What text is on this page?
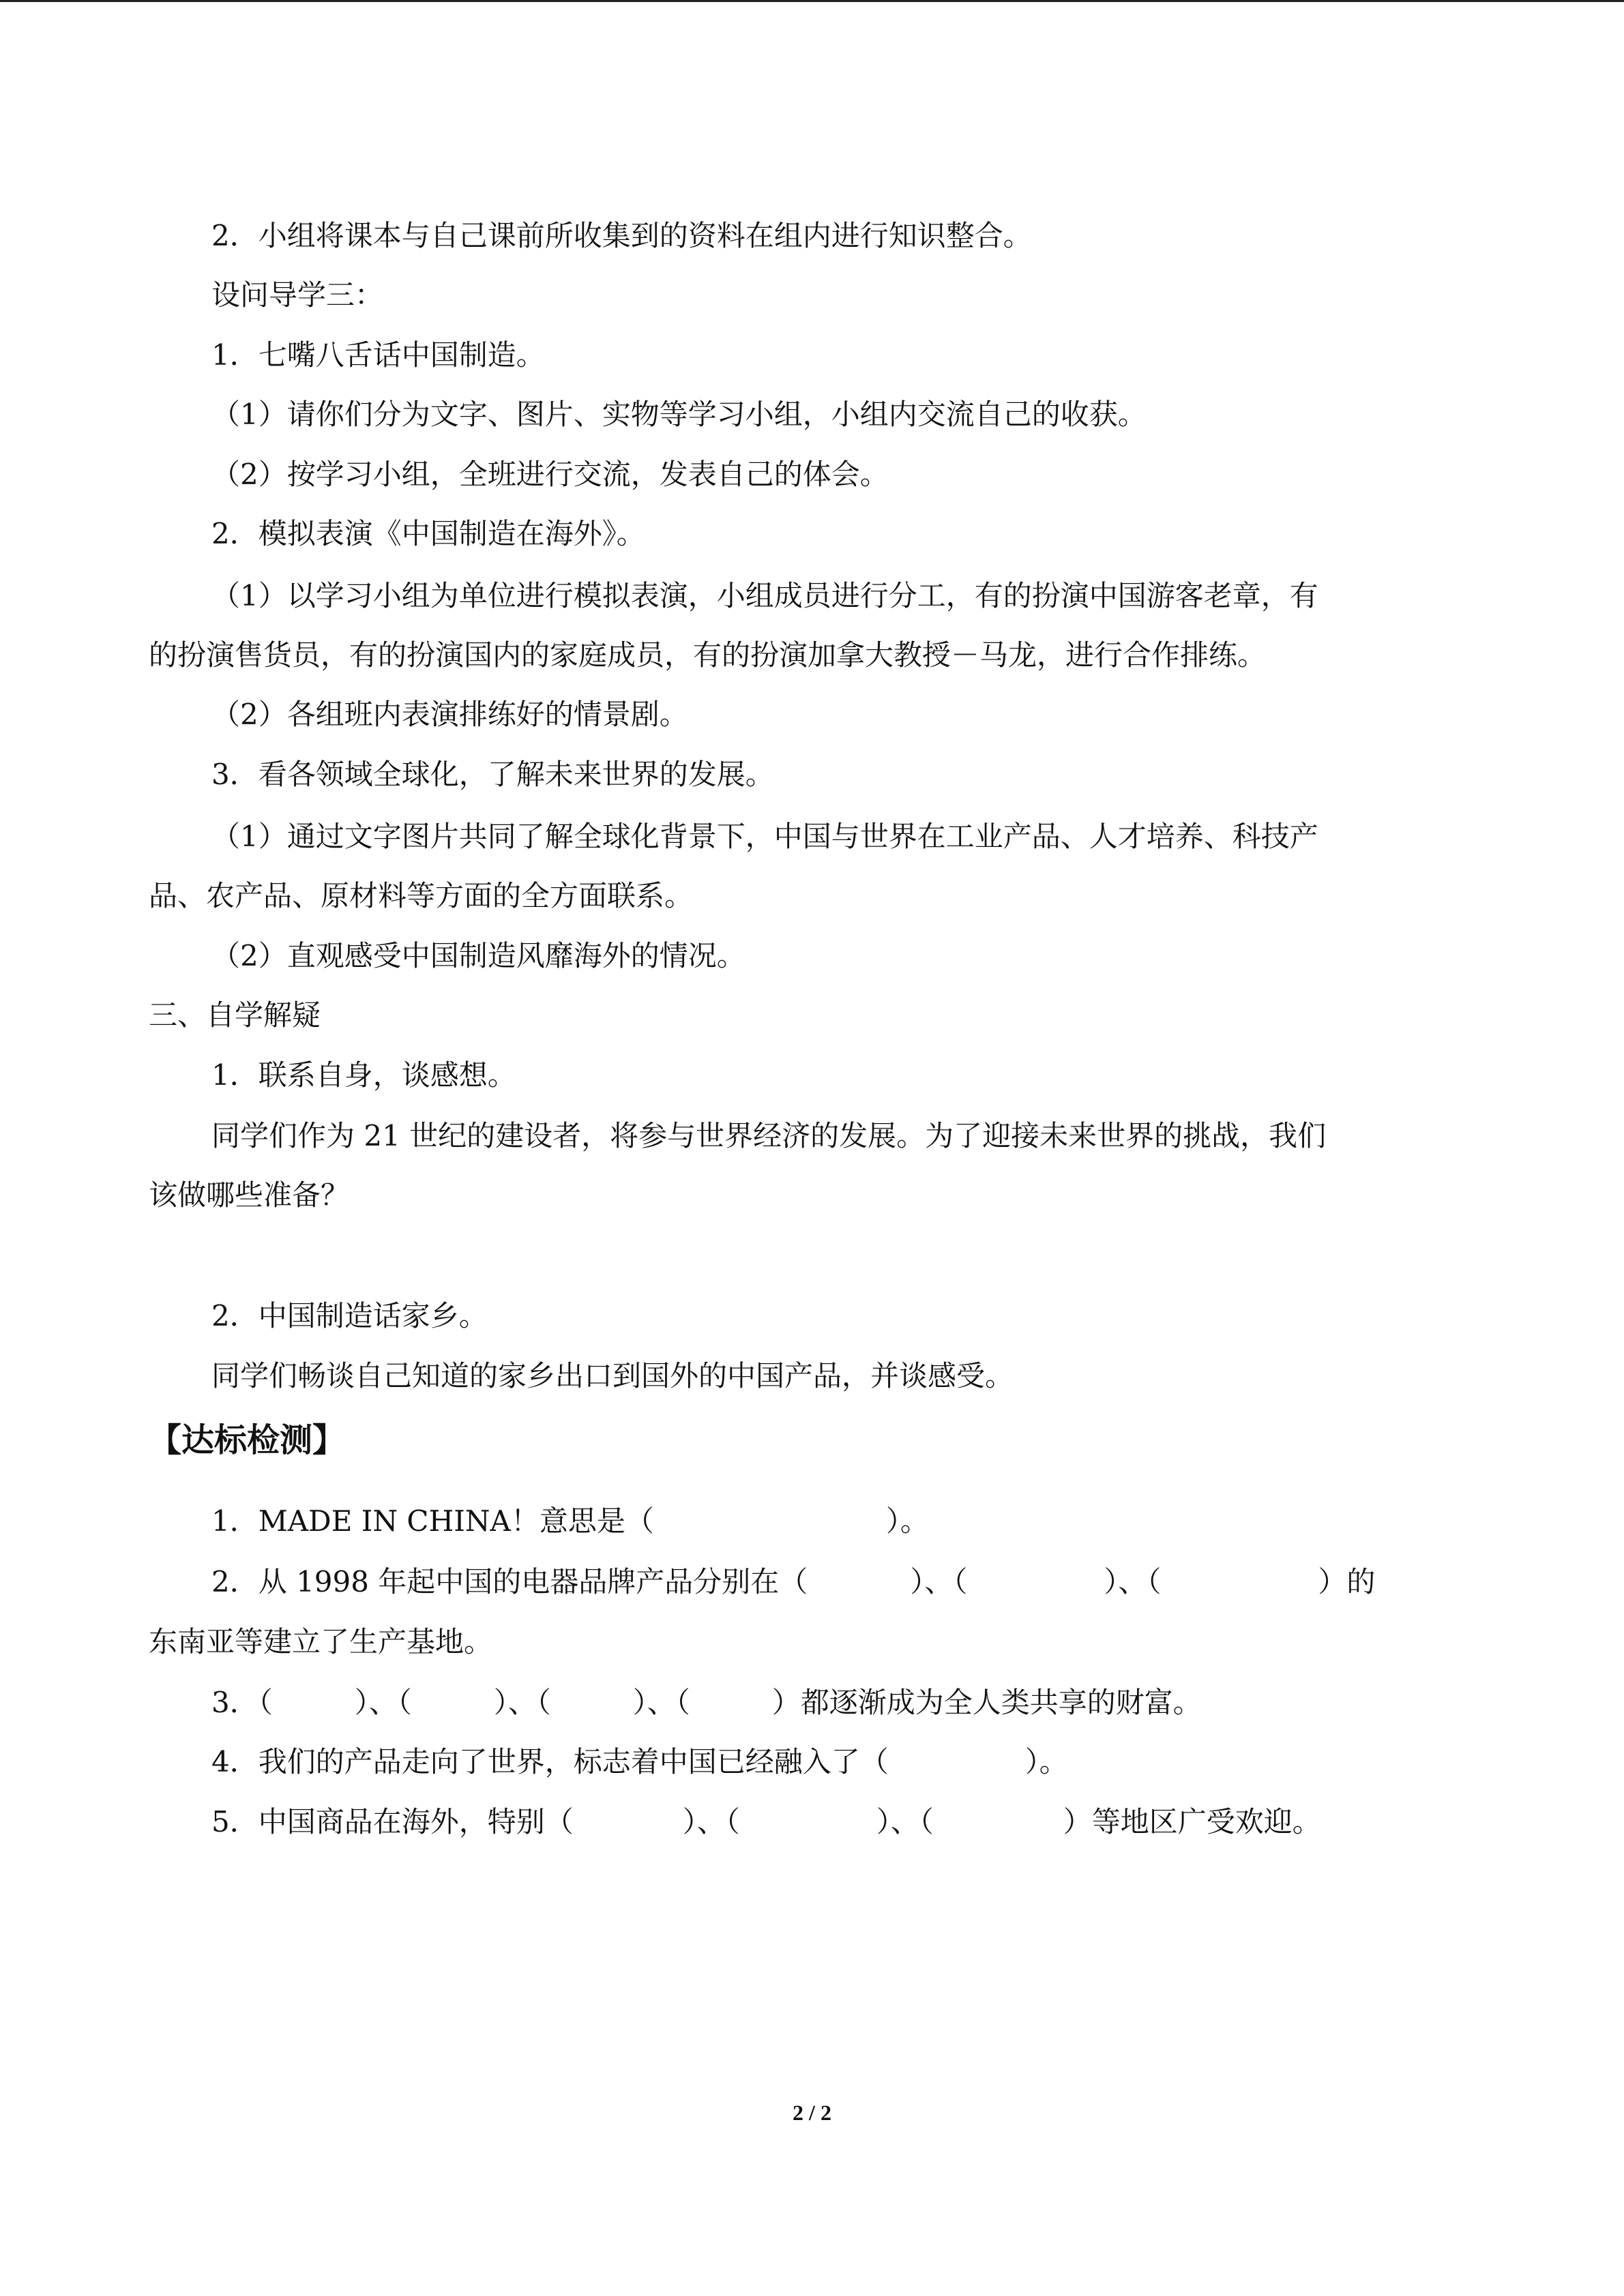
2．小组将课本与自己课前所收集到的资料在组内进行知识整合。
设问导学三：
1．七嘴八舌话中国制造。
（1）请你们分为文字、图片、实物等学习小组，小组内交流自己的收获。
（2）按学习小组，全班进行交流，发表自己的体会。
2．模拟表演《中国制造在海外》。
（1）以学习小组为单位进行模拟表演，小组成员进行分工，有的扮演中国游客老章，有
的扮演售货员，有的扮演国内的家庭成员，有的扮演加拿大教授－马龙，进行合作排练。
（2）各组班内表演排练好的情景剧。
3．看各领域全球化，了解未来世界的发展。
（1）通过文字图片共同了解全球化背景下，中国与世界在工业产品、人才培养、科技产
品、农产品、原材料等方面的全方面联系。
（2）直观感受中国制造风靡海外的情况。
三、自学解疑
1．联系自身，谈感想。
同学们作为 21 世纪的建设者，将参与世界经济的发展。为了迎接未来世界的挑战，我们
该做哪些准备？
2．中国制造话家乡。
同学们畅谈自己知道的家乡出口到国外的中国产品，并谈感受。
【达标检测】
1．MADE IN CHINA！意思是（	）。
2．从 1998 年起中国的电器品牌产品分别在（	）、（	）、（	）的
东南亚等建立了生产基地。
3．（	）、（	）、（	）、（	）都逐渐成为全人类共享的财富。
4．我们的产品走向了世界，标志着中国已经融入了（	）。
5．中国商品在海外，特别（	）、（	）、（	）等地区广受欢迎。
2 / 2
